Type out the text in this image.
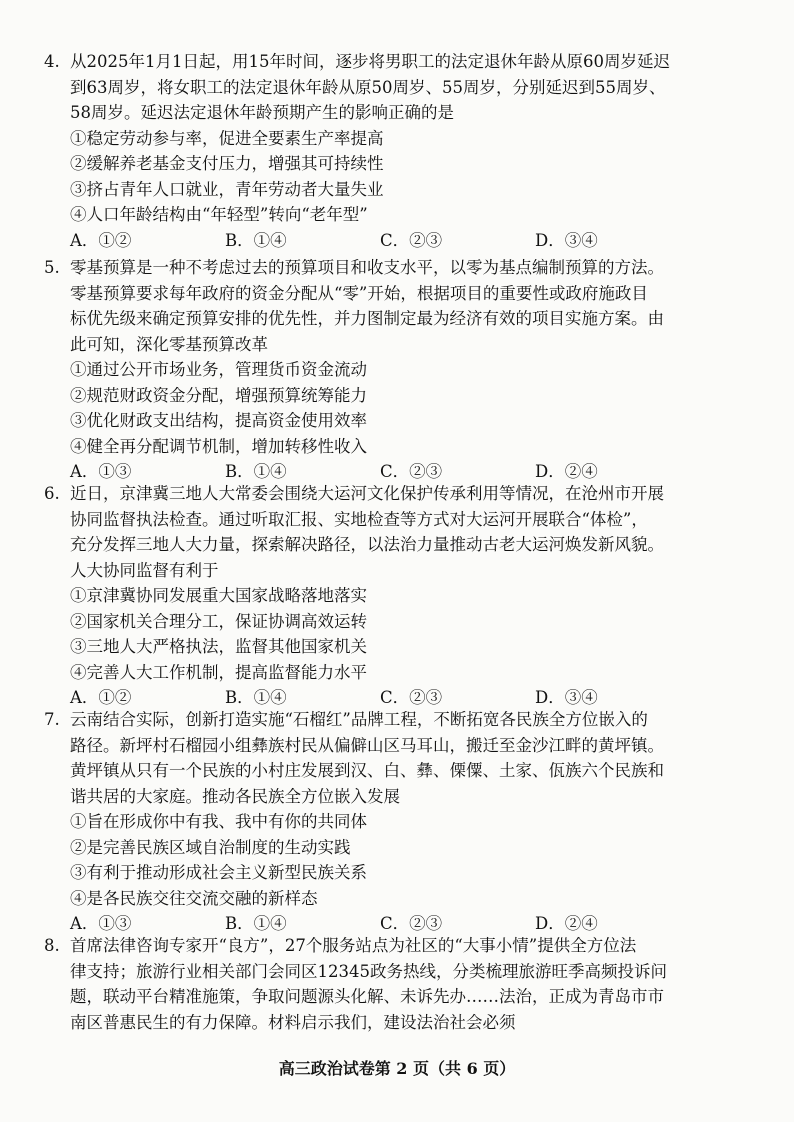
4. 从2025年1月1日起，用15年时间，逐步将男职工的法定退休年龄从原60周岁延迟
到63周岁，将女职工的法定退休年龄从原50周岁、55周岁，分别延迟到55周岁、
58周岁。延迟法定退休年龄预期产生的影响正确的是
①稳定劳动参与率，促进全要素生产率提高
②缓解养老基金支付压力，增强其可持续性
③挤占青年人口就业，青年劳动者大量失业
④人口年龄结构由“年轻型”转向“老年型”
A．①②	B．①④	C．②③	D．③④
5. 零基预算是一种不考虑过去的预算项目和收支水平，以零为基点编制预算的方法。
零基预算要求每年政府的资金分配从“零”开始，根据项目的重要性或政府施政目
标优先级来确定预算安排的优先性，并力图制定最为经济有效的项目实施方案。由
此可知，深化零基预算改革
①通过公开市场业务，管理货币资金流动
②规范财政资金分配，增强预算统筹能力
③优化财政支出结构，提高资金使用效率
④健全再分配调节机制，增加转移性收入
A．①③	B．①④	C．②③	D．②④
6. 近日，京津冀三地人大常委会围绕大运河文化保护传承利用等情况，在沧州市开展
协同监督执法检查。通过听取汇报、实地检查等方式对大运河开展联合“体检”，
充分发挥三地人大力量，探索解决路径，以法治力量推动古老大运河焕发新风貌。
人大协同监督有利于
①京津冀协同发展重大国家战略落地落实
②国家机关合理分工，保证协调高效运转
③三地人大严格执法，监督其他国家机关
④完善人大工作机制，提高监督能力水平
A．①②	B．①④	C．②③	D．③④
7. 云南结合实际，创新打造实施“石榴红”品牌工程，不断拓宽各民族全方位嵌入的
路径。新坪村石榴园小组彝族村民从偏僻山区马耳山，搬迁至金沙江畔的黄坪镇。
黄坪镇从只有一个民族的小村庄发展到汉、白、彝、傈僳、土家、佤族六个民族和
谐共居的大家庭。推动各民族全方位嵌入发展
①旨在形成你中有我、我中有你的共同体
②是完善民族区域自治制度的生动实践
③有利于推动形成社会主义新型民族关系
④是各民族交往交流交融的新样态
A．①③	B．①④	C．②③	D．②④
8. 首席法律咨询专家开“良方”，27个服务站点为社区的“大事小情”提供全方位法
律支持；旅游行业相关部门会同区12345政务热线，分类梳理旅游旺季高频投诉问
题，联动平台精准施策，争取问题源头化解、未诉先办……法治，正成为青岛市市
南区普惠民生的有力保障。材料启示我们，建设法治社会必须
高三政治试卷第 2 页（共 6 页）
